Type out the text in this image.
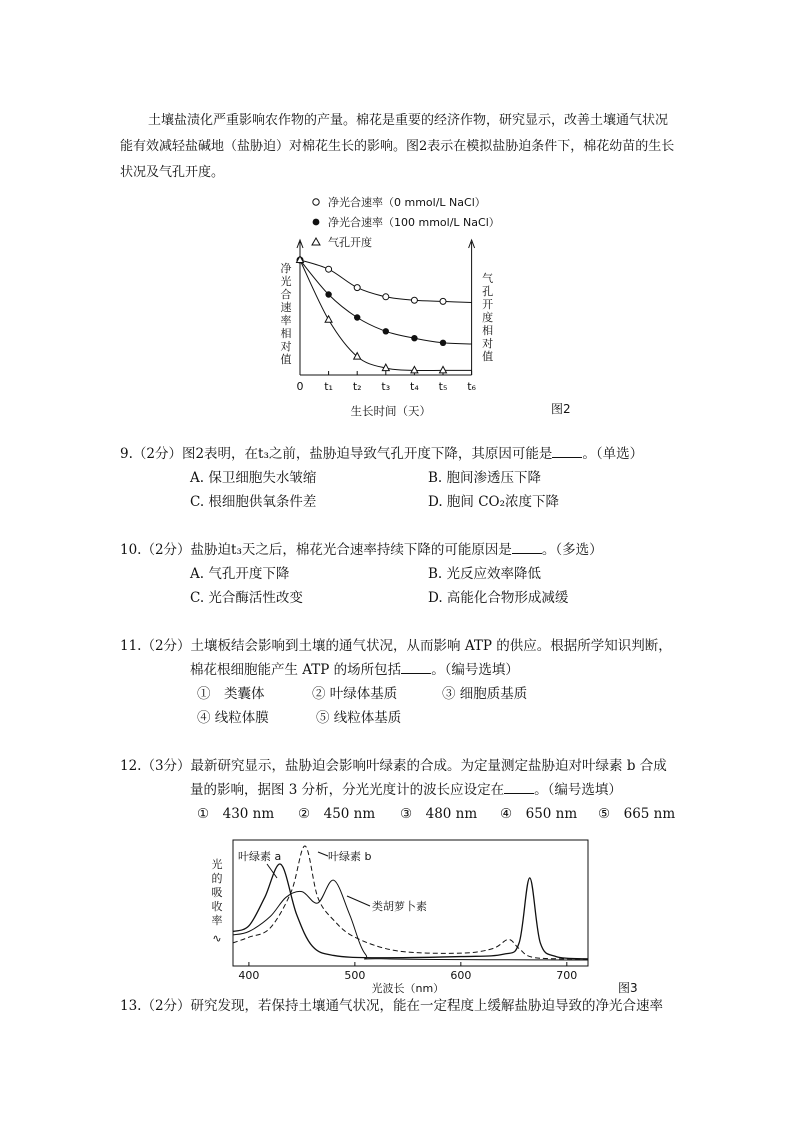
土壤盐渍化严重影响农作物的产量。棉花是重要的经济作物，研究显示，改善土壤通气状况能有效减轻盐碱地（盐胁迫）对棉花生长的影响。图2表示在模拟盐胁迫条件下，棉花幼苗的生长状况及气孔开度。
净光合速率（0 mmol/L NaCl）
净光合速率（100 mmol/L NaCl）
气孔开度
净
光
合
速
率
相
对
值
气
孔
开
度
相
对
值
0 t₁ t₂ t₃ t₄ t₅ t₆
生长时间（天）	图2
9.（2分）图2表明，在t₃之前，盐胁迫导致气孔开度下降，其原因可能是 。（单选）
A. 保卫细胞失水皱缩	B. 胞间渗透压下降
C. 根细胞供氧条件差	D. 胞间 CO₂浓度下降
10.（2分）盐胁迫t₃天之后，棉花光合速率持续下降的可能原因是 。（多选）
A. 气孔开度下降	B. 光反应效率降低
C. 光合酶活性改变	D. 高能化合物形成减缓
11.（2分）土壤板结会影响到土壤的通气状况，从而影响 ATP 的供应。根据所学知识判断，
棉花根细胞能产生 ATP 的场所包括 。（编号选填）
①　类囊体	② 叶绿体基质	③ 细胞质基质
④ 线粒体膜	⑤ 线粒体基质
12.（3分）最新研究显示，盐胁迫会影响叶绿素的合成。为定量测定盐胁迫对叶绿素 b 合成
量的影响，据图 3 分析，分光光度计的波长应设定在 。（编号选填）
①　430 nm ②　450 nm ③　480 nm ④　650 nm ⑤　665 nm
光
的
吸
收
率
∿
400	500	600	700
光波长（nm）	图3
叶绿素 a	叶绿素 b
类胡萝卜素
13.（2分）研究发现，若保持土壤通气状况，能在一定程度上缓解盐胁迫导致的净光合速率
